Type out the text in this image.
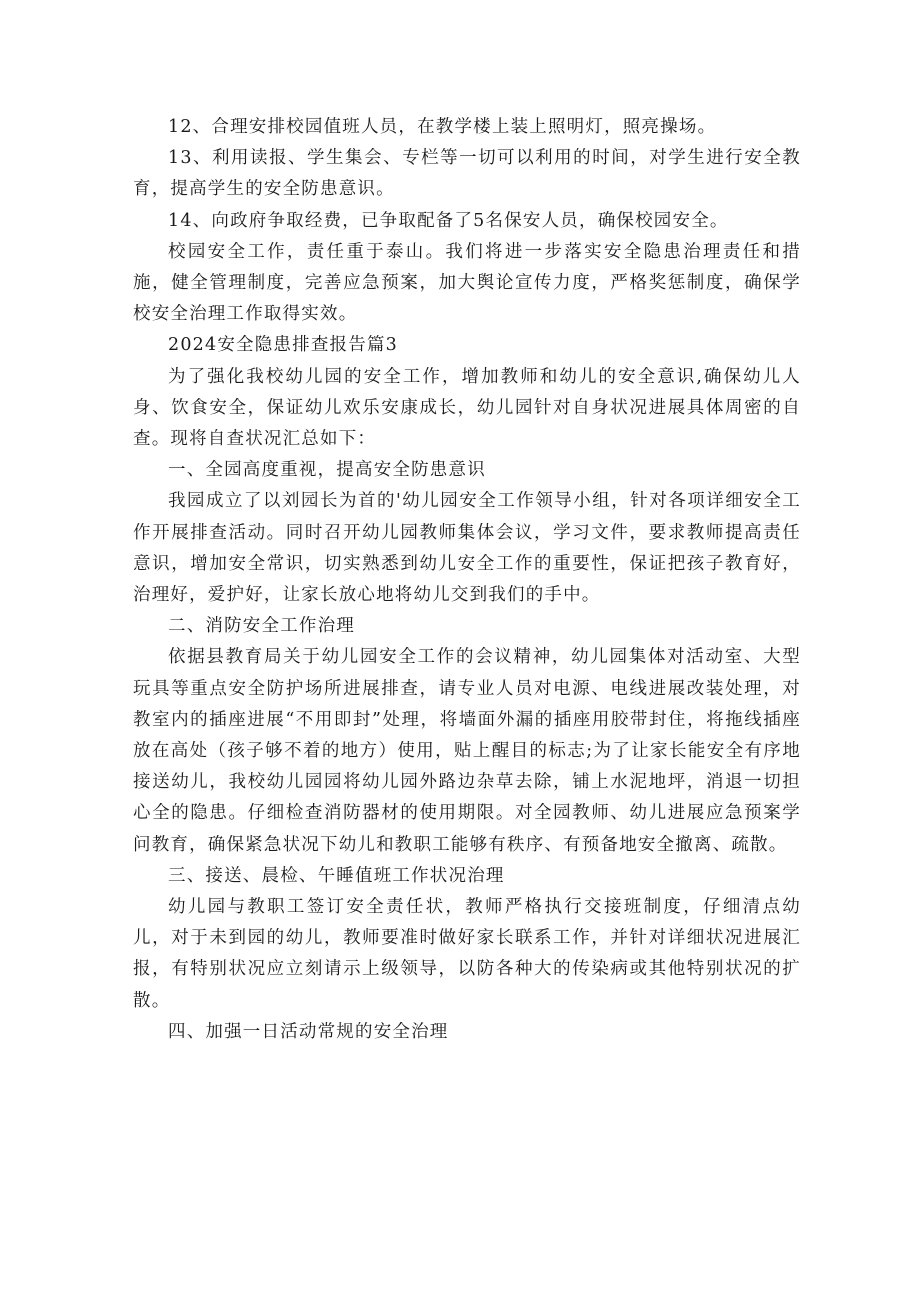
12、合理安排校园值班人员，在教学楼上装上照明灯，照亮操场。

13、利用读报、学生集会、专栏等一切可以利用的时间，对学生进行安全教育，提高学生的安全防患意识。

14、向政府争取经费，已争取配备了5名保安人员，确保校园安全。

校园安全工作，责任重于泰山。我们将进一步落实安全隐患治理责任和措施，健全管理制度，完善应急预案，加大舆论宣传力度，严格奖惩制度，确保学校安全治理工作取得实效。

2024安全隐患排查报告篇3

为了强化我校幼儿园的安全工作，增加教师和幼儿的安全意识,确保幼儿人身、饮食安全，保证幼儿欢乐安康成长，幼儿园针对自身状况进展具体周密的自查。现将自查状况汇总如下：

一、全园高度重视，提高安全防患意识

我园成立了以刘园长为首的'幼儿园安全工作领导小组，针对各项详细安全工作开展排查活动。同时召开幼儿园教师集体会议，学习文件，要求教师提高责任意识，增加安全常识，切实熟悉到幼儿安全工作的重要性，保证把孩子教育好，治理好，爱护好，让家长放心地将幼儿交到我们的手中。

二、消防安全工作治理

依据县教育局关于幼儿园安全工作的会议精神，幼儿园集体对活动室、大型玩具等重点安全防护场所进展排查，请专业人员对电源、电线进展改装处理，对教室内的插座进展“不用即封”处理，将墙面外漏的插座用胶带封住，将拖线插座放在高处（孩子够不着的地方）使用，贴上醒目的标志;为了让家长能安全有序地接送幼儿，我校幼儿园园将幼儿园外路边杂草去除，铺上水泥地坪，消退一切担心全的隐患。仔细检查消防器材的使用期限。对全园教师、幼儿进展应急预案学问教育，确保紧急状况下幼儿和教职工能够有秩序、有预备地安全撤离、疏散。

三、接送、晨检、午睡值班工作状况治理

幼儿园与教职工签订安全责任状，教师严格执行交接班制度，仔细清点幼儿，对于未到园的幼儿，教师要准时做好家长联系工作，并针对详细状况进展汇报，有特别状况应立刻请示上级领导，以防各种大的传染病或其他特别状况的扩散。

四、加强一日活动常规的安全治理
